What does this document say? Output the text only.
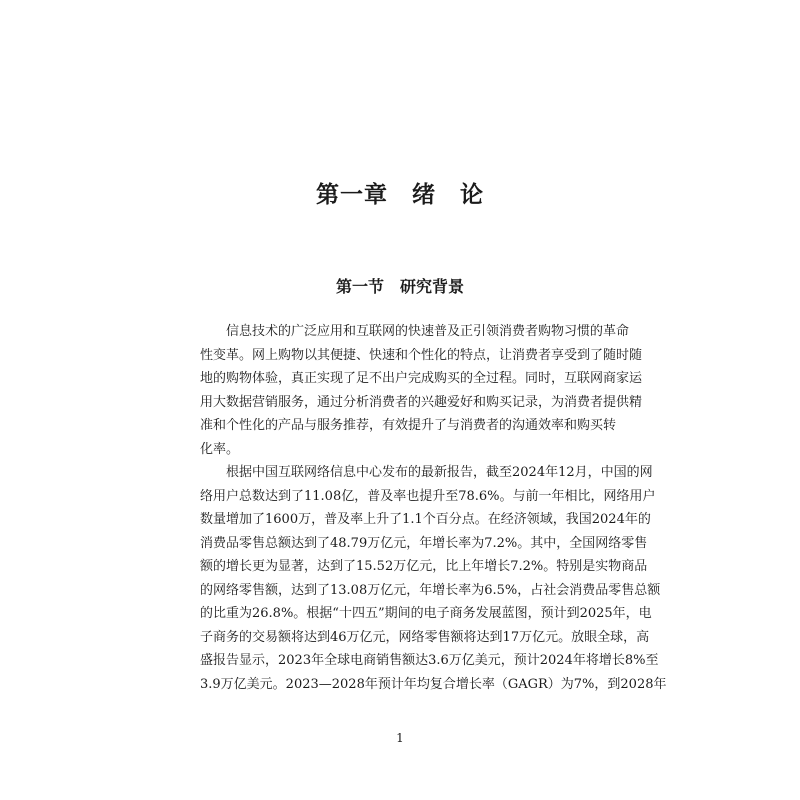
第一章　绪　论
第一节　研究背景
信息技术的广泛应用和互联网的快速普及正引领消费者购物习惯的革命
性变革。网上购物以其便捷、快速和个性化的特点，让消费者享受到了随时随
地的购物体验，真正实现了足不出户完成购买的全过程。同时，互联网商家运
用大数据营销服务，通过分析消费者的兴趣爱好和购买记录，为消费者提供精
准和个性化的产品与服务推荐，有效提升了与消费者的沟通效率和购买转
化率。
根据中国互联网络信息中心发布的最新报告，截至2024年12月，中国的网
络用户总数达到了11.08亿，普及率也提升至78.6%。与前一年相比，网络用户
数量增加了1600万，普及率上升了1.1个百分点。在经济领域，我国2024年的
消费品零售总额达到了48.79万亿元，年增长率为7.2%。其中，全国网络零售
额的增长更为显著，达到了15.52万亿元，比上年增长7.2%。特别是实物商品
的网络零售额，达到了13.08万亿元，年增长率为6.5%，占社会消费品零售总额
的比重为26.8%。根据“十四五”期间的电子商务发展蓝图，预计到2025年，电
子商务的交易额将达到46万亿元，网络零售额将达到17万亿元。放眼全球，高
盛报告显示，2023年全球电商销售额达3.6万亿美元，预计2024年将增长8%至
3.9万亿美元。2023—2028年预计年均复合增长率（GAGR）为7%，到2028年
1
